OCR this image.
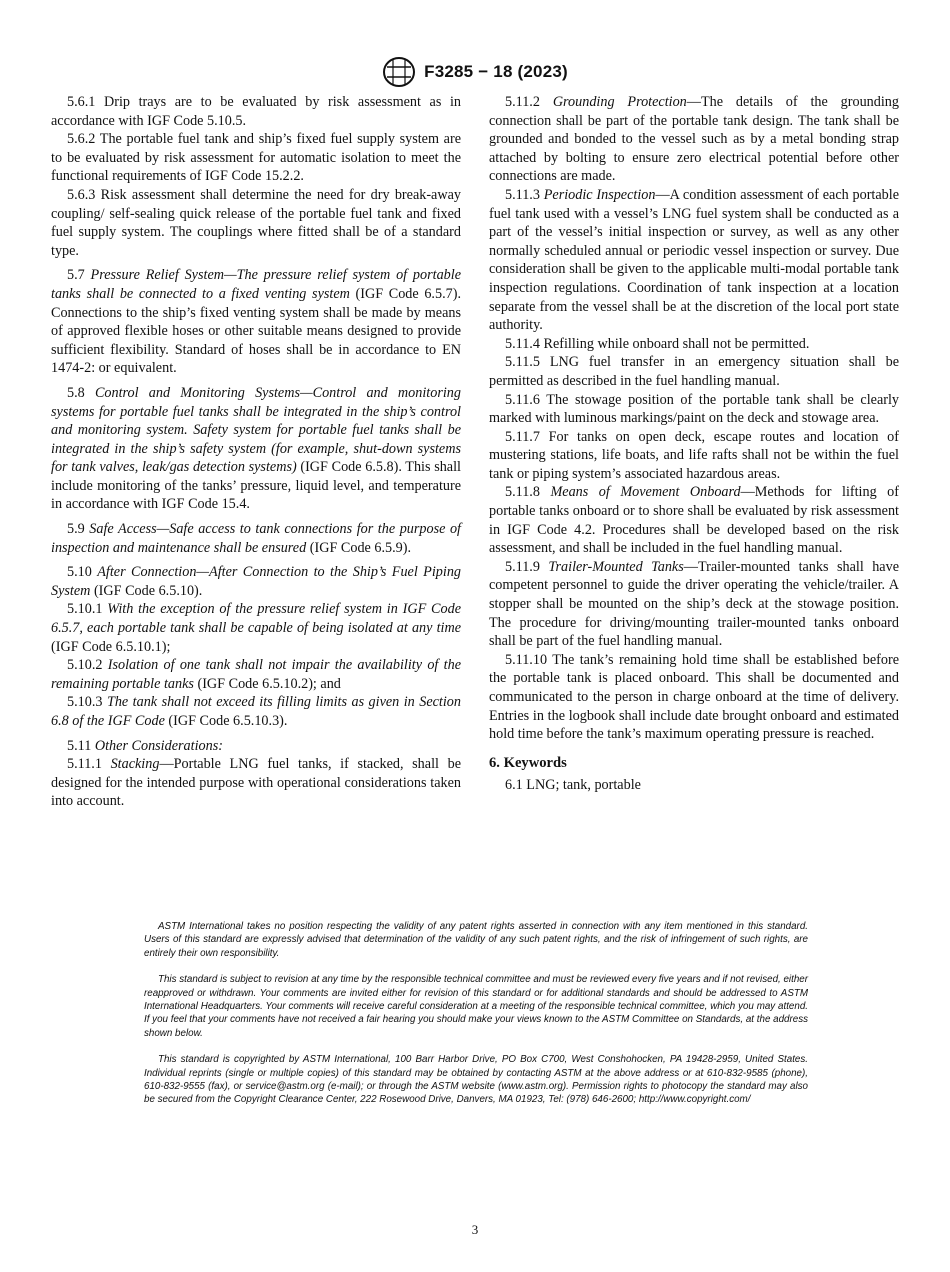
F3285 − 18 (2023)

5.6.1 Drip trays are to be evaluated by risk assessment as in accordance with IGF Code 5.10.5.

5.6.2 The portable fuel tank and ship’s fixed fuel supply system are to be evaluated by risk assessment for automatic isolation to meet the functional requirements of IGF Code 15.2.2.

5.6.3 Risk assessment shall determine the need for dry break-away coupling/ self-sealing quick release of the portable fuel tank and fixed fuel supply system. The couplings where fitted shall be of a standard type.

5.7 Pressure Relief System—The pressure relief system of portable tanks shall be connected to a fixed venting system (IGF Code 6.5.7). Connections to the ship’s fixed venting system shall be made by means of approved flexible hoses or other suitable means designed to provide sufficient flexibility. Standard of hoses shall be in accordance to EN 1474-2: or equivalent.

5.8 Control and Monitoring Systems—Control and monitoring systems for portable fuel tanks shall be integrated in the ship’s control and monitoring system. Safety system for portable fuel tanks shall be integrated in the ship’s safety system (for example, shut-down systems for tank valves, leak/gas detection systems) (IGF Code 6.5.8). This shall include monitoring of the tanks’ pressure, liquid level, and temperature in accordance with IGF Code 15.4.

5.9 Safe Access—Safe access to tank connections for the purpose of inspection and maintenance shall be ensured (IGF Code 6.5.9).

5.10 After Connection—After Connection to the Ship’s Fuel Piping System (IGF Code 6.5.10).

5.10.1 With the exception of the pressure relief system in IGF Code 6.5.7, each portable tank shall be capable of being isolated at any time (IGF Code 6.5.10.1);

5.10.2 Isolation of one tank shall not impair the availability of the remaining portable tanks (IGF Code 6.5.10.2); and

5.10.3 The tank shall not exceed its filling limits as given in Section 6.8 of the IGF Code (IGF Code 6.5.10.3).

5.11 Other Considerations:

5.11.1 Stacking—Portable LNG fuel tanks, if stacked, shall be designed for the intended purpose with operational considerations taken into account.

5.11.2 Grounding Protection—The details of the grounding connection shall be part of the portable tank design. The tank shall be grounded and bonded to the vessel such as by a metal bonding strap attached by bolting to ensure zero electrical potential before other connections are made.

5.11.3 Periodic Inspection—A condition assessment of each portable fuel tank used with a vessel’s LNG fuel system shall be conducted as a part of the vessel’s initial inspection or survey, as well as any other normally scheduled annual or periodic vessel inspection or survey. Due consideration shall be given to the applicable multi-modal portable tank inspection regulations. Coordination of tank inspection at a location separate from the vessel shall be at the discretion of the local port state authority.

5.11.4 Refilling while onboard shall not be permitted.

5.11.5 LNG fuel transfer in an emergency situation shall be permitted as described in the fuel handling manual.

5.11.6 The stowage position of the portable tank shall be clearly marked with luminous markings/paint on the deck and stowage area.

5.11.7 For tanks on open deck, escape routes and location of mustering stations, life boats, and life rafts shall not be within the fuel tank or piping system’s associated hazardous areas.

5.11.8 Means of Movement Onboard—Methods for lifting of portable tanks onboard or to shore shall be evaluated by risk assessment in IGF Code 4.2. Procedures shall be developed based on the risk assessment, and shall be included in the fuel handling manual.

5.11.9 Trailer-Mounted Tanks—Trailer-mounted tanks shall have competent personnel to guide the driver operating the vehicle/trailer. A stopper shall be mounted on the ship’s deck at the stowage position. The procedure for driving/mounting trailer-mounted tanks onboard shall be part of the fuel handling manual.

5.11.10 The tank’s remaining hold time shall be established before the portable tank is placed onboard. This shall be documented and communicated to the person in charge onboard at the time of delivery. Entries in the logbook shall include date brought onboard and estimated hold time before the tank’s maximum operating pressure is reached.

6. Keywords

6.1 LNG; tank, portable

ASTM International takes no position respecting the validity of any patent rights asserted in connection with any item mentioned in this standard. Users of this standard are expressly advised that determination of the validity of any such patent rights, and the risk of infringement of such rights, are entirely their own responsibility.

This standard is subject to revision at any time by the responsible technical committee and must be reviewed every five years and if not revised, either reapproved or withdrawn. Your comments are invited either for revision of this standard or for additional standards and should be addressed to ASTM International Headquarters. Your comments will receive careful consideration at a meeting of the responsible technical committee, which you may attend. If you feel that your comments have not received a fair hearing you should make your views known to the ASTM Committee on Standards, at the address shown below.

This standard is copyrighted by ASTM International, 100 Barr Harbor Drive, PO Box C700, West Conshohocken, PA 19428-2959, United States. Individual reprints (single or multiple copies) of this standard may be obtained by contacting ASTM at the above address or at 610-832-9585 (phone), 610-832-9555 (fax), or service@astm.org (e-mail); or through the ASTM website (www.astm.org). Permission rights to photocopy the standard may also be secured from the Copyright Clearance Center, 222 Rosewood Drive, Danvers, MA 01923, Tel: (978) 646-2600; http://www.copyright.com/

3
